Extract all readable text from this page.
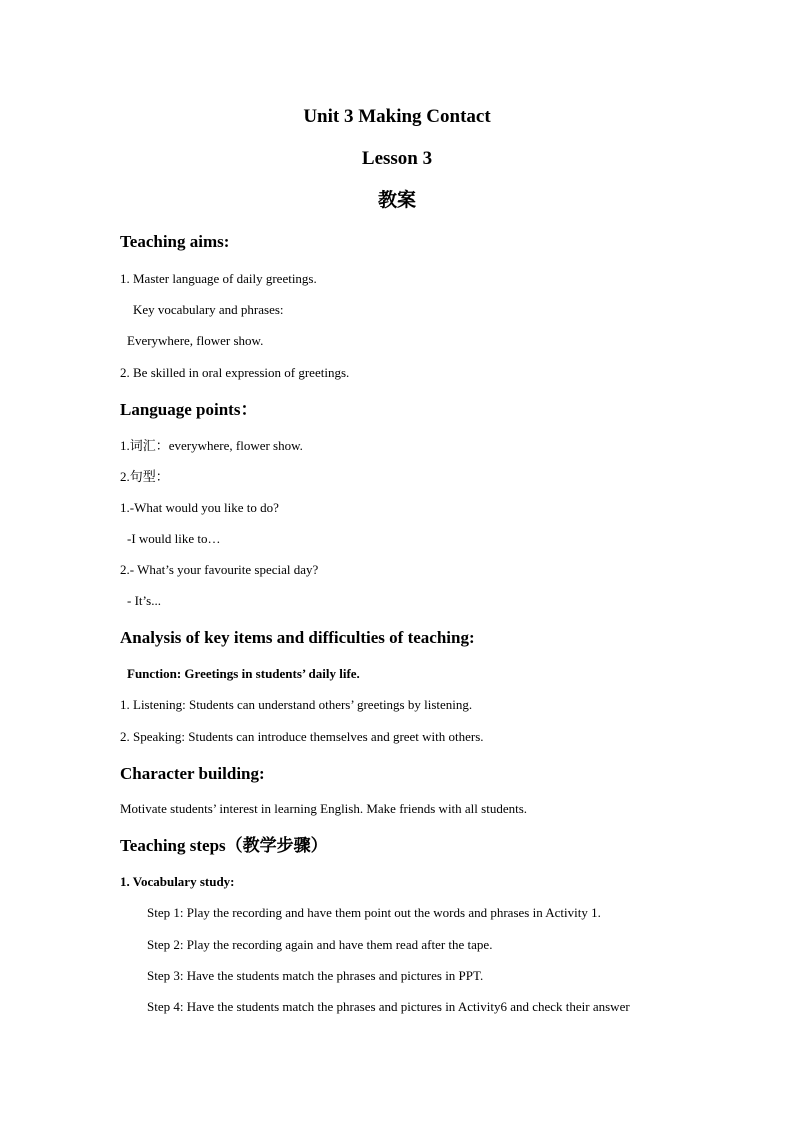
Unit 3 Making Contact
Lesson 3
教案
Teaching aims:
1. Master language of daily greetings.
Key vocabulary and phrases:
Everywhere, flower show.
2. Be skilled in oral expression of greetings.
Language points：
1.词汇：everywhere, flower show.
2.句型：
1.-What would you like to do?
-I would like to…
2.- What’s your favourite special day?
- It’s...
Analysis of key items and difficulties of teaching:
Function: Greetings in students’ daily life.
1. Listening: Students can understand others’ greetings by listening.
2. Speaking: Students can introduce themselves and greet with others.
Character building:
Motivate students’ interest in learning English. Make friends with all students.
Teaching steps（教学步骤）
1. Vocabulary study:
Step 1: Play the recording and have them point out the words and phrases in Activity 1.
Step 2: Play the recording again and have them read after the tape.
Step 3: Have the students match the phrases and pictures in PPT.
Step 4: Have the students match the phrases and pictures in Activity6 and check their answer
